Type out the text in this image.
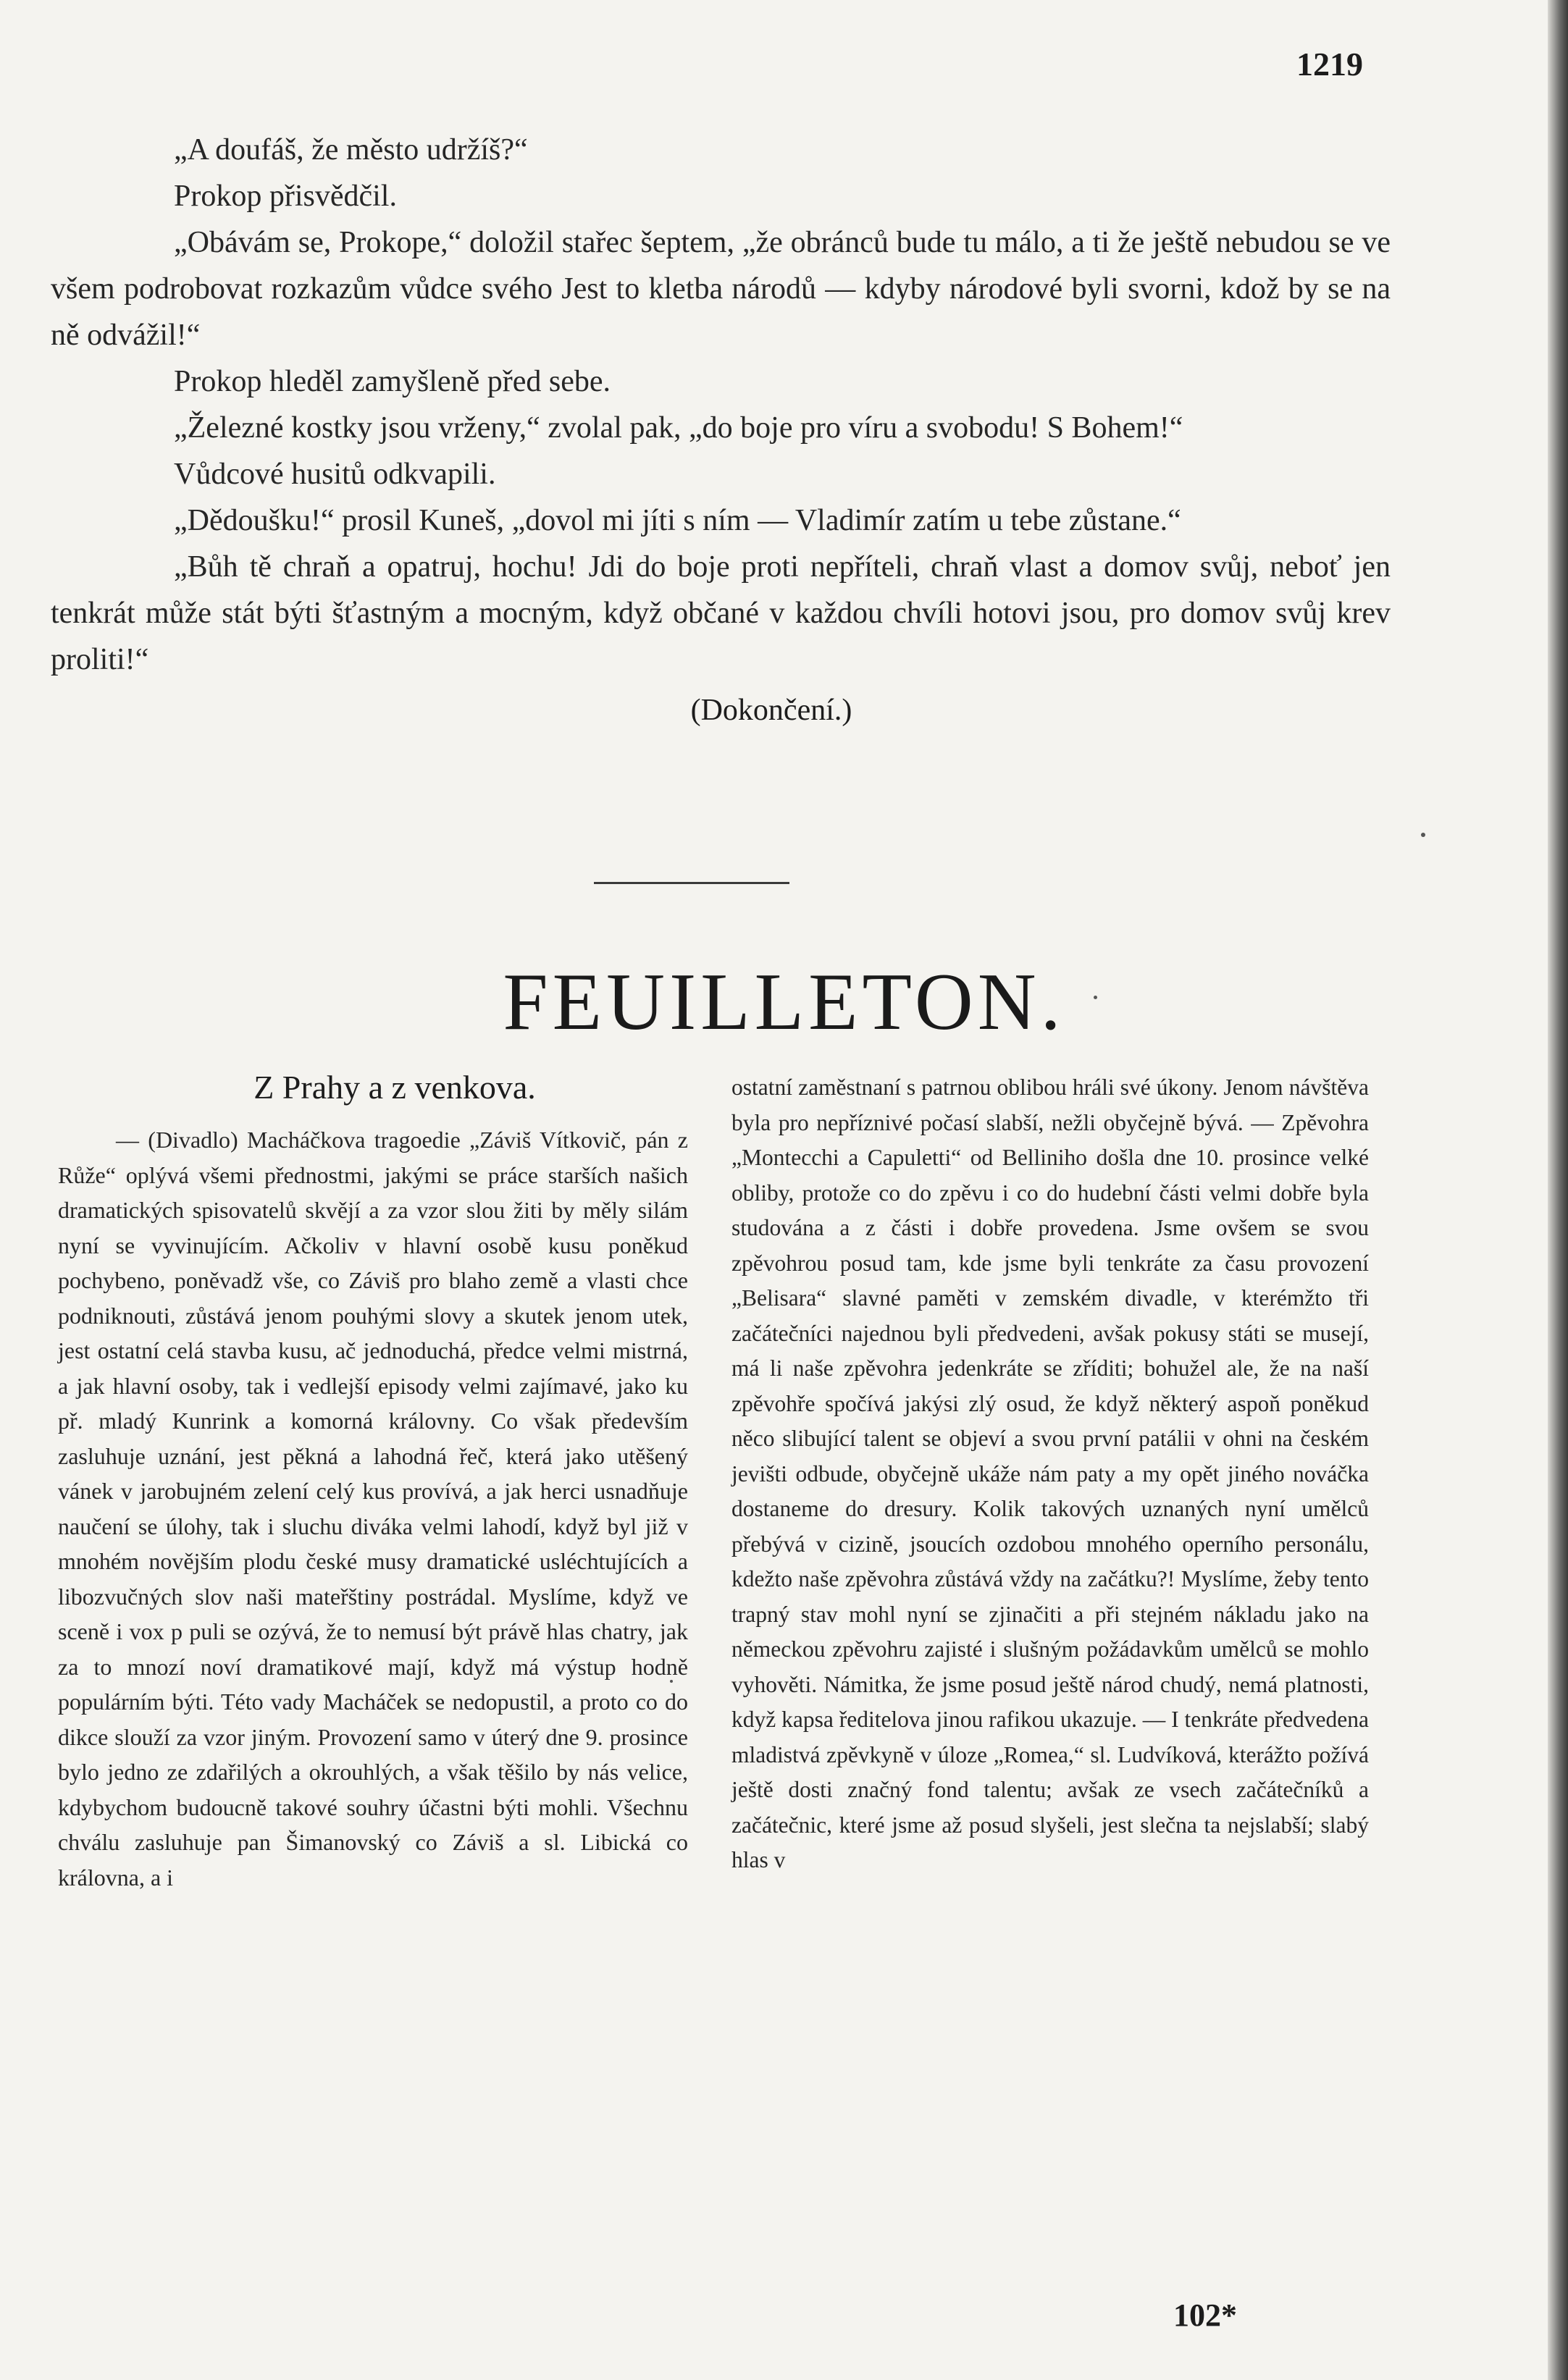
1219

„A doufáš, že město udržíš?“

Prokop přisvědčil.

„Obávám se, Prokope,“ doložil stařec šeptem, „že obránců bude tu málo, a ti že ještě nebudou se ve všem podrobovat rozkazům vůdce svého Jest to kletba národů — kdyby národové byli svorni, kdož by se na ně odvážil!“

Prokop hleděl zamyšleně před sebe.

„Železné kostky jsou vrženy,“ zvolal pak, „do boje pro víru a svobodu! S Bohem!“

Vůdcové husitů odkvapili.

„Dědoušku!“ prosil Kuneš, „dovol mi jíti s ním — Vladimír zatím u tebe zůstane.“

„Bůh tě chraň a opatruj, hochu! Jdi do boje proti nepříteli, chraň vlast a domov svůj, neboť jen tenkrát může stát býti šťastným a mocným, když občané v každou chvíli hotovi jsou, pro domov svůj krev proliti!“

(Dokončení.)
FEUILLETON.
Z Prahy a z venkova.

— (Divadlo) Macháčkova tragoedie „Záviš Vítkovič, pán z Růže“ oplývá všemi přednostmi, jakými se práce starších našich dramatických spisovatelů skvějí a za vzor slou žiti by měly silám nyní se vyvinujícím. Ačkoliv v hlavní osobě kusu poněkud pochybeno, poněvadž vše, co Záviš pro blaho země a vlasti chce podniknouti, zůstává jenom pouhými slovy a skutek jenom utek, jest ostatní celá stavba kusu, ač jednoduchá, předce velmi mistrná, a jak hlavní osoby, tak i vedlejší episody velmi zajímavé, jako ku př. mladý Kunrink a komorná královny. Co však především zasluhuje uznání, jest pěkná a lahodná řeč, která jako utěšený vánek v jarobujném zelení celý kus provívá, a jak herci usnadňuje naučení se úlohy, tak i sluchu diváka velmi lahodí, když byl již v mnohém novějším plodu české musy dramatické usléchtujících a libozvučných slov naši mateřštiny postrádal. Myslíme, když ve sceně i vox p puli se ozývá, že to nemusí být právě hlas chatry, jak za to mnozí noví dramatikové mají, když má výstup hodně populárním býti. Této vady Macháček se nedopustil, a proto co do dikce slouží za vzor jiným. Provození samo v úterý dne 9. prosince bylo jedno ze zdařilých a okrouhlých, a však těšilo by nás velice, kdybychom budoucně takové souhry účastni býti mohli. Všechnu chválu zasluhuje pan Šimanovský co Záviš a sl. Libická co královna, a i

ostatní zaměstnaní s patrnou oblibou hráli své úkony. Jenom návštěva byla pro nepříznivé počasí slabší, nežli obyčejně bývá. — Zpěvohra „Montecchi a Capuletti“ od Belliniho došla dne 10. prosince velké obliby, protože co do zpěvu i co do hudební části velmi dobře byla studována a z části i dobře provedena. Jsme ovšem se svou zpěvohrou posud tam, kde jsme byli tenkráte za času provození „Belisara“ slavné paměti v zemském divadle, v kterémžto tři začátečníci najednou byli předvedeni, avšak pokusy státi se musejí, má li naše zpěvohra jedenkráte se zříditi; bohužel ale, že na naší zpěvohře spočívá jakýsi zlý osud, že když některý aspoň poněkud něco slibující talent se objeví a svou první patálii v ohni na českém jevišti odbude, obyčejně ukáže nám paty a my opět jiného nováčka dostaneme do dresury. Kolik takových uznaných nyní umělců přebývá v cizině, jsoucích ozdobou mnohého operního personálu, kdežto naše zpěvohra zůstává vždy na začátku?! Myslíme, žeby tento trapný stav mohl nyní se zjinačiti a při stejném nákladu jako na německou zpěvohru zajisté i slušným požádavkům umělců se mohlo vyhověti. Námitka, že jsme posud ještě národ chudý, nemá platnosti, když kapsa ředitelova jinou rafikou ukazuje. — I tenkráte předvedena mladistvá zpěvkyně v úloze „Romea,“ sl. Ludvíková, kterážto požívá ještě dosti značný fond talentu; avšak ze vsech začátečníků a začátečnic, které jsme až posud slyšeli, jest slečna ta nejslabší; slabý hlas v

102*
